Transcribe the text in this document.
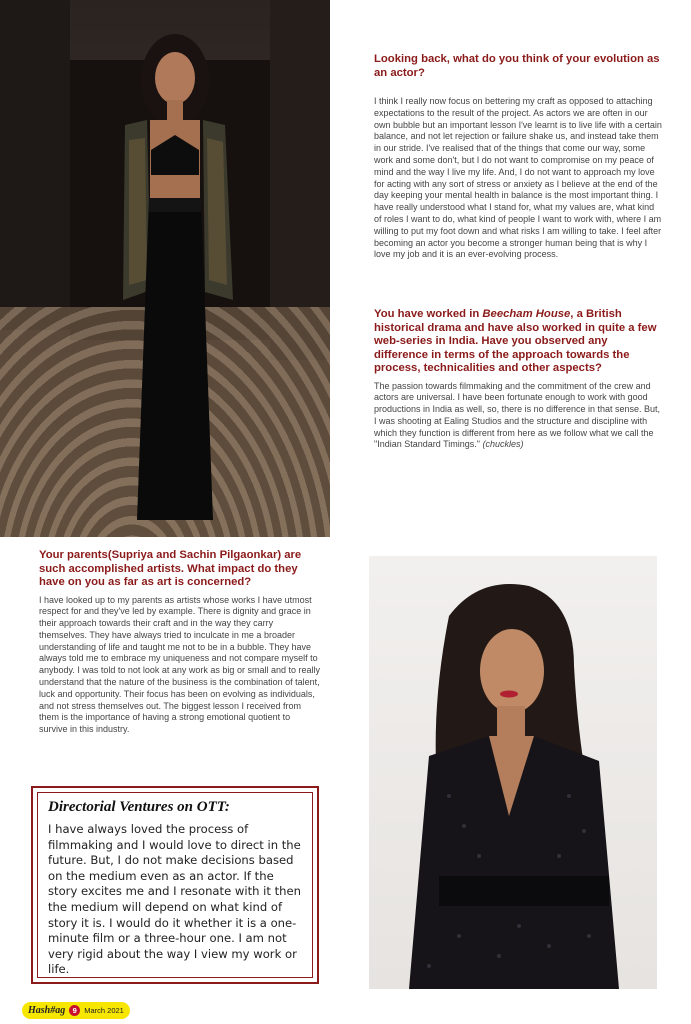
Looking back, what do you think of your evolution as an actor?

I think I really now focus on bettering my craft as opposed to attaching expectations to the result of the project. As actors we are often in our own bubble but an important lesson I've learnt is to live life with a certain balance, and not let rejection or failure shake us, and instead take them in our stride. I've realised that of the things that come our way, some work and some don't, but I do not want to compromise on my peace of mind and the way I live my life. And, I do not want to approach my love for acting with any sort of stress or anxiety as I believe at the end of the day keeping your mental health in balance is the most important thing. I have really understood what I stand for, what my values are, what kind of roles I want to do, what kind of people I want to work with, where I am willing to put my foot down and what risks I am willing to take. I feel after becoming an actor you become a stronger human being that is why I love my job and it is an ever-evolving process.

You have worked in Beecham House, a British historical drama and have also worked in quite a few web-series in India. Have you observed any difference in terms of the approach towards the process, technicalities and other aspects?

The passion towards filmmaking and the commitment of the crew and actors are universal. I have been fortunate enough to work with good productions in India as well, so, there is no difference in that sense. But, I was shooting at Ealing Studios and the structure and discipline with which they function is different from here as we follow what we call the "Indian Standard Timings." (chuckles)

Your parents(Supriya and Sachin Pilgaonkar) are such accomplished artists. What impact do they have on you as far as art is concerned?

I have looked up to my parents as artists whose works I have utmost respect for and they've led by example. There is dignity and grace in their approach towards their craft and in the way they carry themselves. They have always tried to inculcate in me a broader understanding of life and taught me not to be in a bubble. They have always told me to embrace my uniqueness and not compare myself to anybody. I was told to not look at any work as big or small and to really understand that the nature of the business is the combination of talent, luck and opportunity. Their focus has been on evolving as individuals, and not stress themselves out. The biggest lesson I received from them is the importance of having a strong emotional quotient to survive in this industry.

Directorial Ventures on OTT:

I have always loved the process of filmmaking and I would love to direct in the future. But, I do not make decisions based on the medium even as an actor. If the story excites me and I resonate with it then the medium will depend on what kind of story it is. I would do it whether it is a one-minute film or a three-hour one. I am not very rigid about the way I view my work or life.

Hash#ag 9 March 2021
